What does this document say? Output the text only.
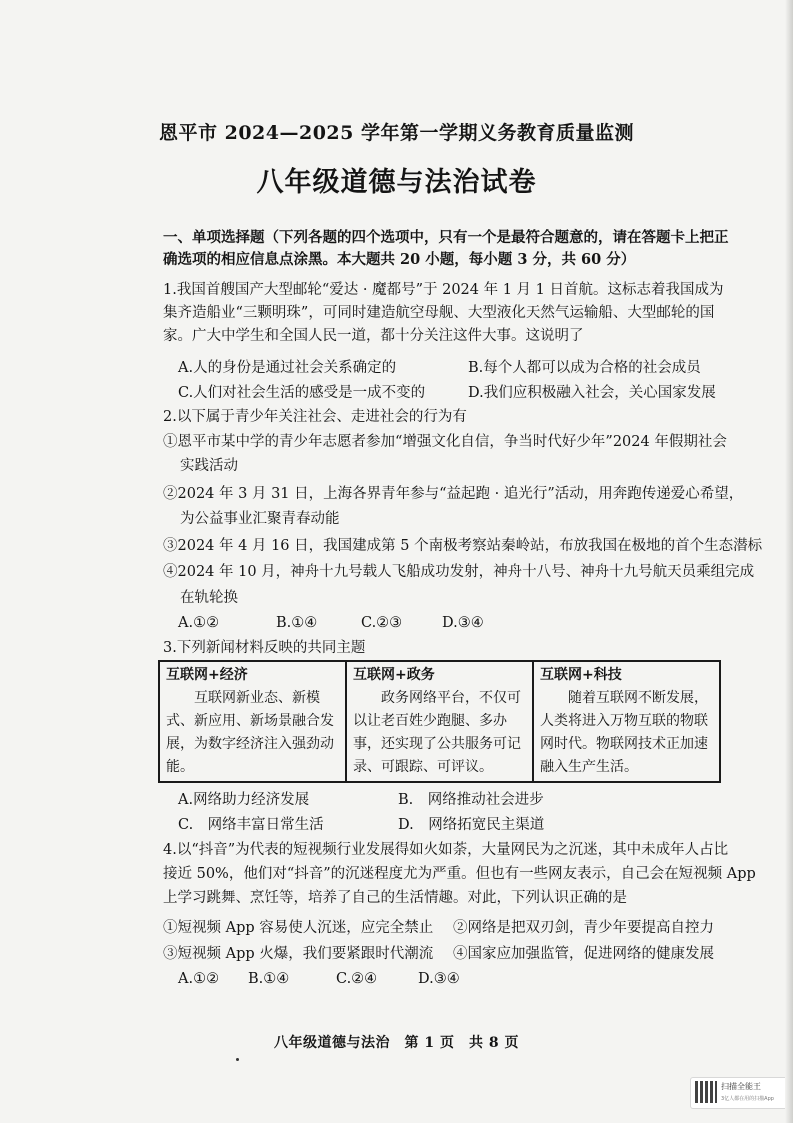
恩平市 2024—2025 学年第一学期义务教育质量监测
八年级道德与法治试卷
一、单项选择题（下列各题的四个选项中，只有一个是最符合题意的，请在答题卡上把正
确选项的相应信息点涂黑。本大题共 20 小题，每小题 3 分，共 60 分）
1.我国首艘国产大型邮轮“爱达 · 魔都号”于 2024 年 1 月 1 日首航。这标志着我国成为
集齐造船业“三颗明珠”，可同时建造航空母舰、大型液化天然气运输船、大型邮轮的国
家。广大中学生和全国人民一道，都十分关注这件大事。这说明了
A.人的身份是通过社会关系确定的	B.每个人都可以成为合格的社会成员
C.人们对社会生活的感受是一成不变的	D.我们应积极融入社会，关心国家发展
2.以下属于青少年关注社会、走进社会的行为有
①恩平市某中学的青少年志愿者参加“增强文化自信，争当时代好少年”2024 年假期社会
实践活动
②2024 年 3 月 31 日，上海各界青年参与“益起跑 · 追光行”活动，用奔跑传递爱心希望，
为公益事业汇聚青春动能
③2024 年 4 月 16 日，我国建成第 5 个南极考察站秦岭站，布放我国在极地的首个生态潜标
④2024 年 10 月，神舟十九号载人飞船成功发射，神舟十八号、神舟十九号航天员乘组完成
在轨轮换
A.①②	B.①④	C.②③	D.③④
3.下列新闻材料反映的共同主题
互联网+经济
互联网新业态、新模式、新应用、新场景融合发展，为数字经济注入强劲动能。

互联网+政务
政务网络平台，不仅可以让老百姓少跑腿、多办事，还实现了公共服务可记录、可跟踪、可评议。

互联网+科技
随着互联网不断发展，人类将进入万物互联的物联网时代。物联网技术正加速融入生产生活。
A.网络助力经济发展	B.　网络推动社会进步
C.　网络丰富日常生活	D.　网络拓宽民主渠道
4.以“抖音”为代表的短视频行业发展得如火如荼，大量网民为之沉迷，其中未成年人占比
接近 50%，他们对“抖音”的沉迷程度尤为严重。但也有一些网友表示，自己会在短视频 App
上学习跳舞、烹饪等，培养了自己的生活情趣。对此，下列认识正确的是
①短视频 App 容易使人沉迷，应完全禁止 ②网络是把双刃剑，青少年要提高自控力
③短视频 App 火爆，我们要紧跟时代潮流 ④国家应加强监管，促进网络的健康发展
A.①② B.①④	C.②④	D.③④
八年级道德与法治　第 1 页　共 8 页
扫描全能王
3亿人都在用的扫描App
